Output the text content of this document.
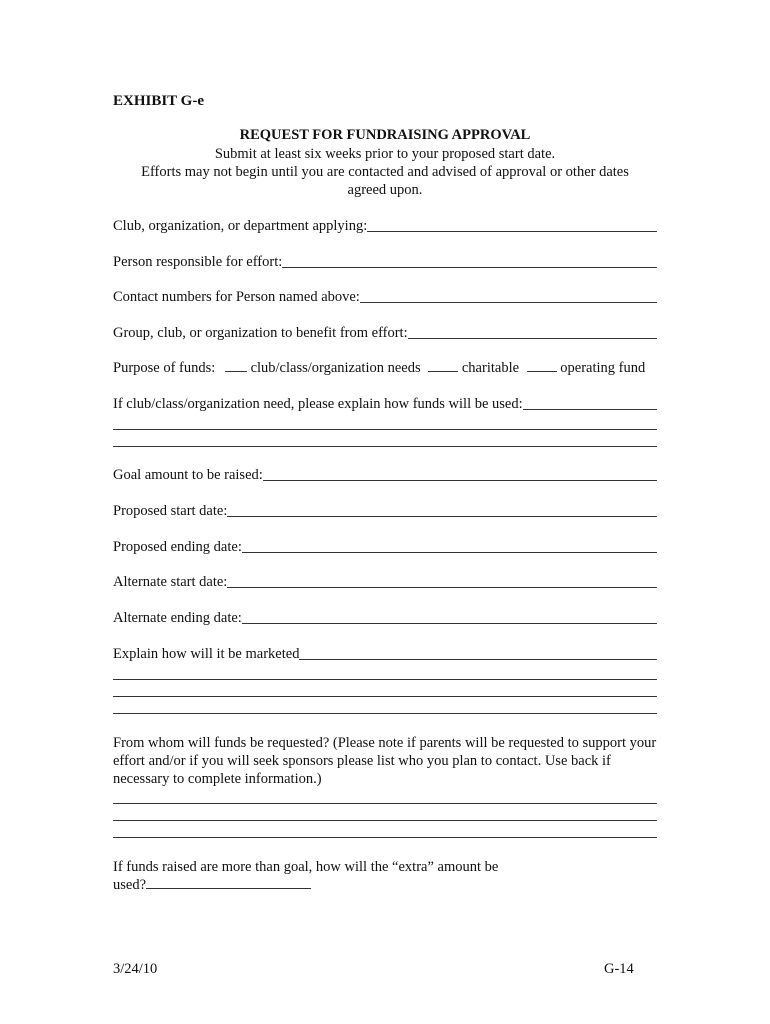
EXHIBIT G-e
REQUEST FOR FUNDRAISING APPROVAL
Submit at least six weeks prior to your proposed start date.
Efforts may not begin until you are contacted and advised of approval or other dates
agreed upon.
Club, organization, or department applying:
Person responsible for effort:
Contact numbers for Person named above:
Group, club, or organization to benefit from effort:
Purpose of funds: club/class/organization needs	charitable	operating fund
If club/class/organization need, please explain how funds will be used:
Goal amount to be raised:
Proposed start date:
Proposed ending date:
Alternate start date:
Alternate ending date:
Explain how will it be marketed
From whom will funds be requested? (Please note if parents will be requested to support your effort and/or if you will seek sponsors please list who you plan to contact. Use back if necessary to complete information.)
If funds raised are more than goal, how will the “extra” amount be
used?
3/24/10	G-14
